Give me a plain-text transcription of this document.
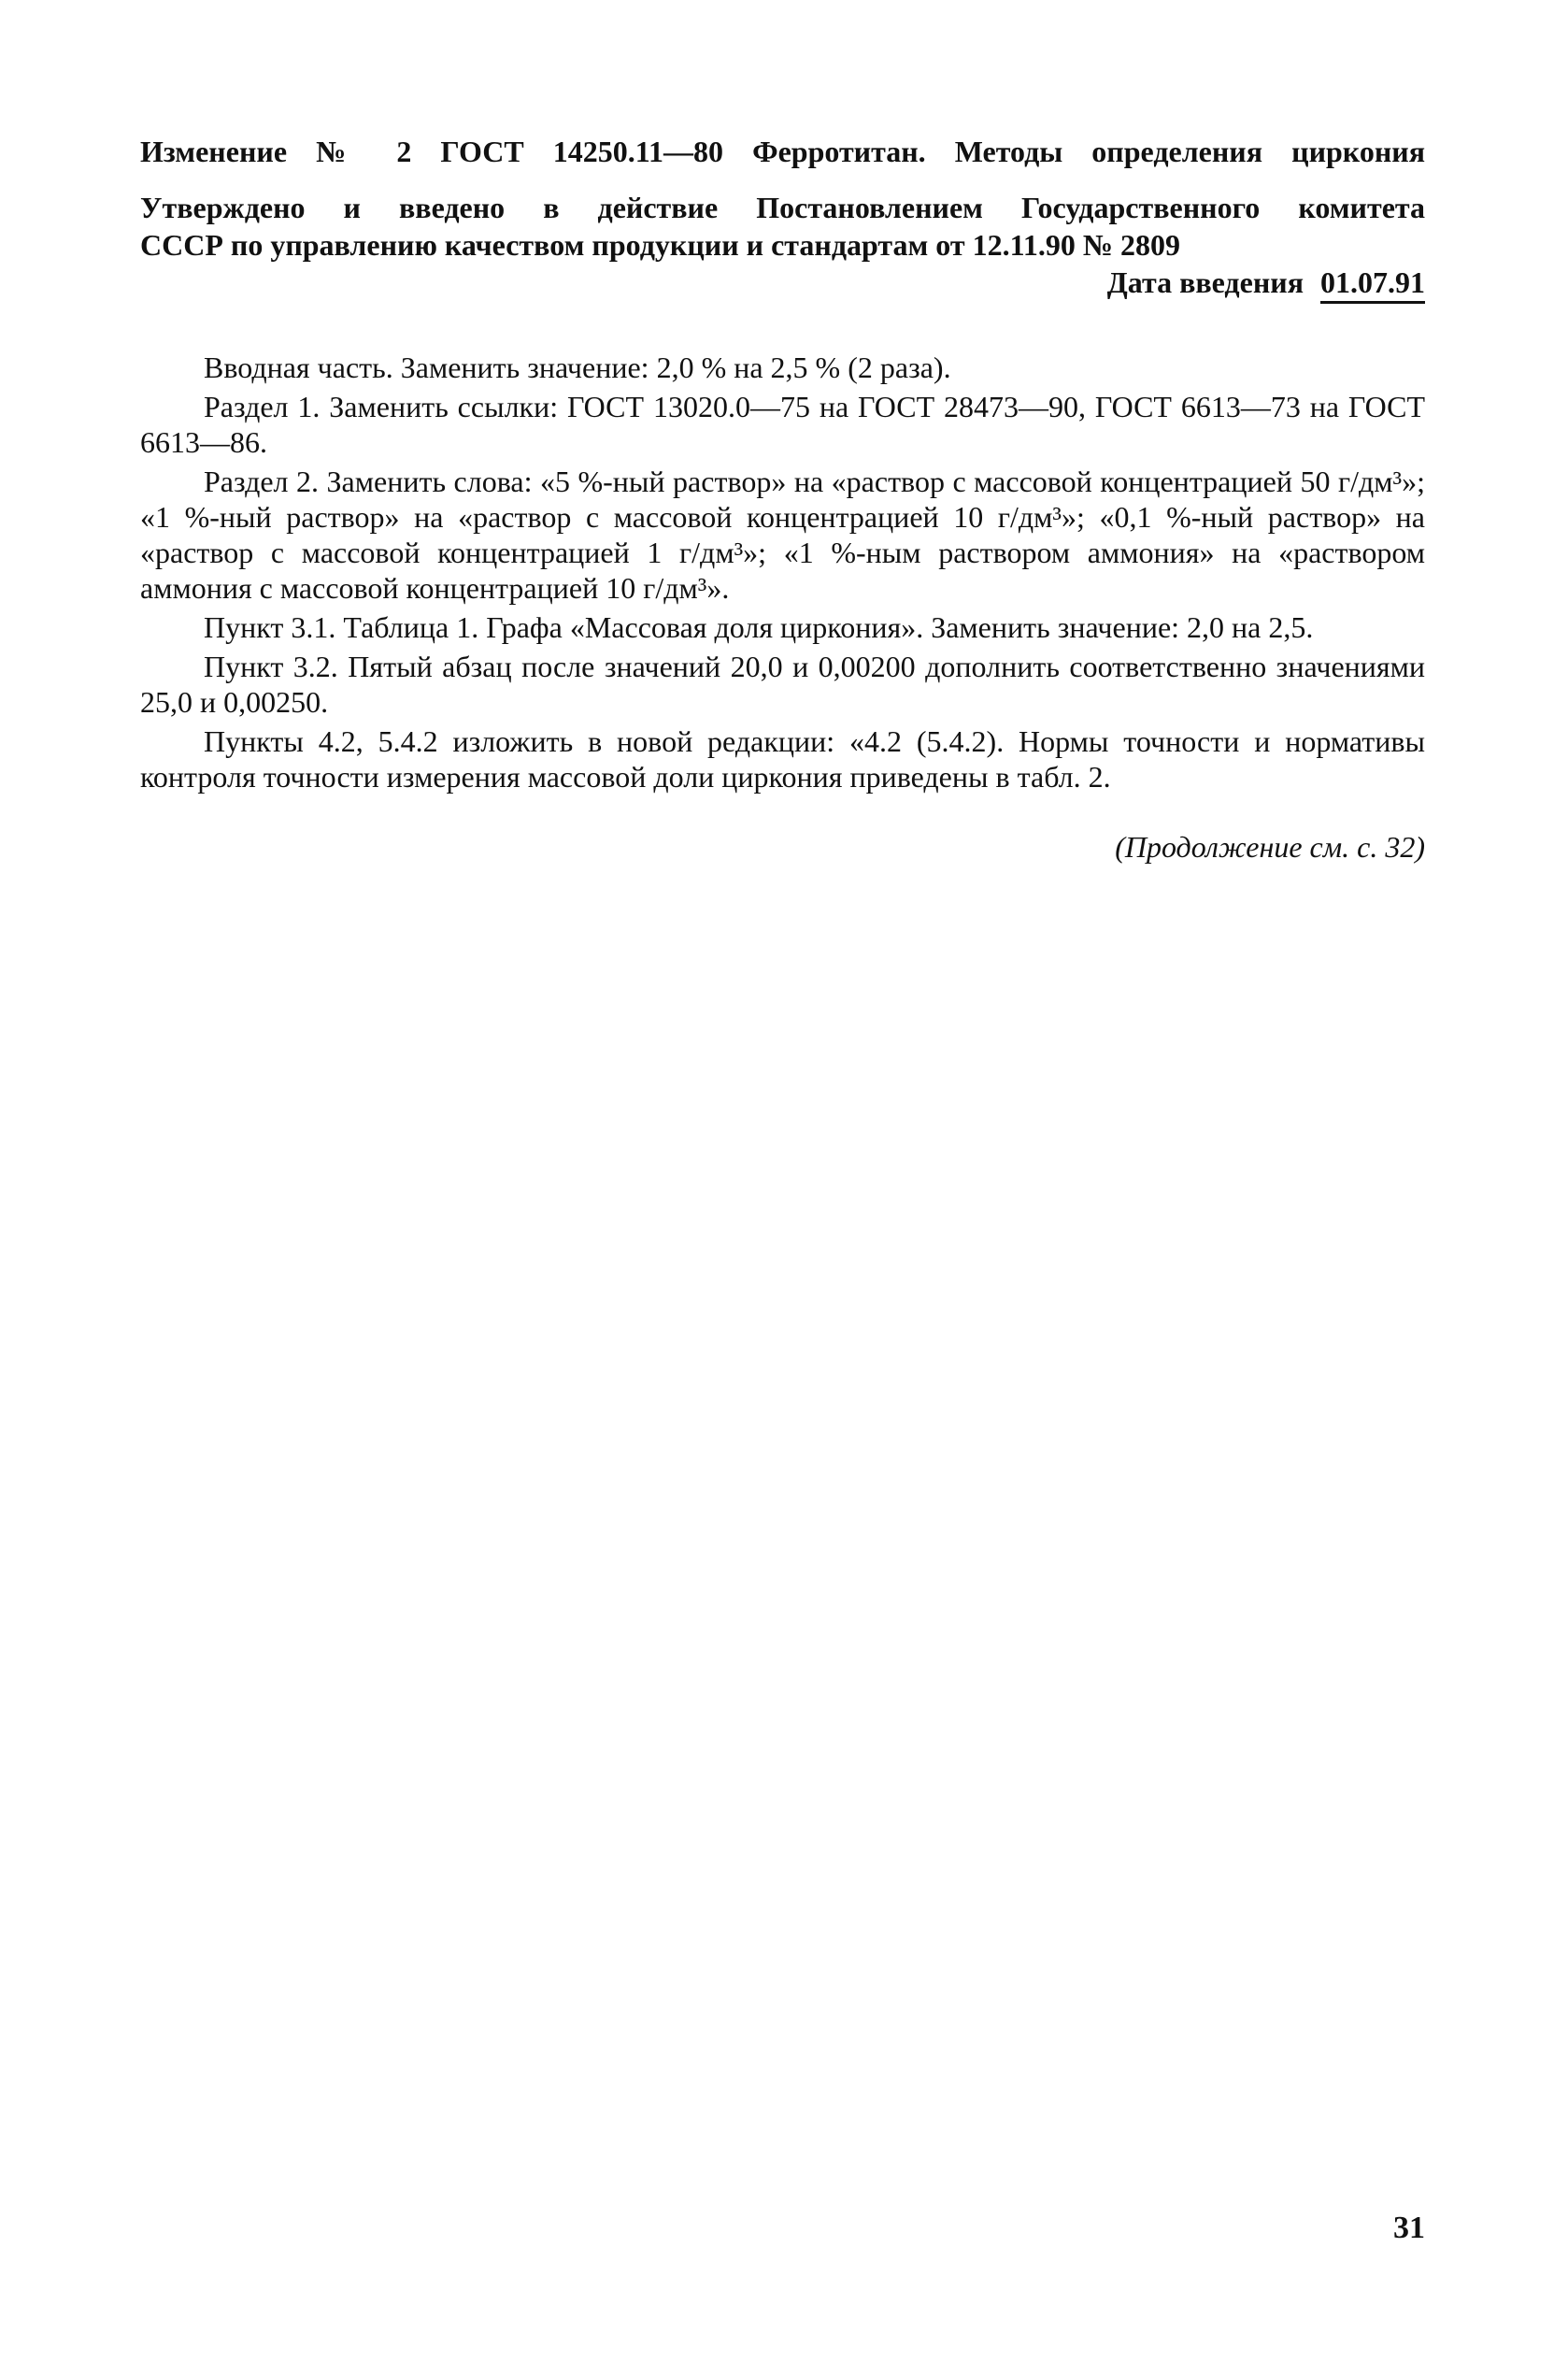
Изменение № 2 ГОСТ 14250.11—80 Ферротитан. Методы определения циркония
Утверждено и введено в действие Постановлением Государственного комитета
СССР по управлению качеством продукции и стандартам от 12.11.90 № 2809
Дата введения 01.07.91

Вводная часть. Заменить значение: 2,0 % на 2,5 % (2 раза).

Раздел 1. Заменить ссылки: ГОСТ 13020.0—75 на ГОСТ 28473—90, ГОСТ 6613—73 на ГОСТ 6613—86.

Раздел 2. Заменить слова: «5 %-ный раствор» на «раствор с массовой концентрацией 50 г/дм³»; «1 %-ный раствор» на «раствор с массовой концентрацией 10 г/дм³»; «0,1 %-ный раствор» на «раствор с массовой концентрацией 1 г/дм³»; «1 %-ным раствором аммония» на «раствором аммония с массовой концентрацией 10 г/дм³».

Пункт 3.1. Таблица 1. Графа «Массовая доля циркония». Заменить значение: 2,0 на 2,5.

Пункт 3.2. Пятый абзац после значений 20,0 и 0,00200 дополнить соответственно значениями 25,0 и 0,00250.

Пункты 4.2, 5.4.2 изложить в новой редакции: «4.2 (5.4.2). Нормы точности и нормативы контроля точности измерения массовой доли циркония приведены в табл. 2.

(Продолжение см. с. 32)
31
